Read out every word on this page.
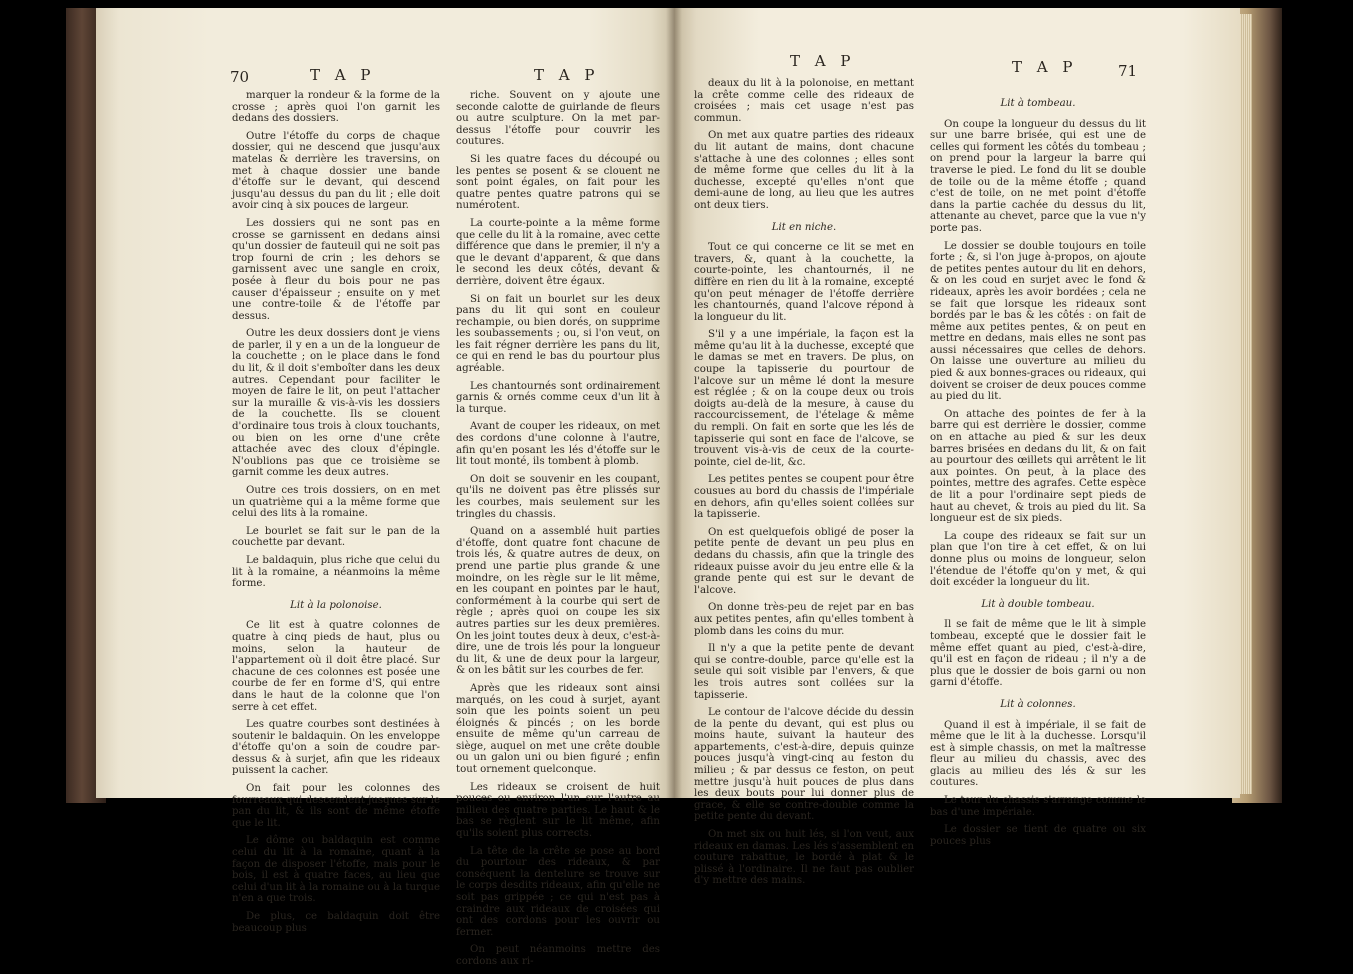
70	T A P	T A P

marquer la rondeur & la forme de la crosse ; après quoi l'on garnit les dedans des dossiers.

Outre l'étoffe du corps de chaque dossier, qui ne descend que jusqu'aux matelas & derrière les traversins, on met à chaque dossier une bande d'étoffe sur le devant, qui descend jusqu'au dessus du pan du lit ; elle doit avoir cinq à six pouces de largeur.

Les dossiers qui ne sont pas en crosse se garnissent en dedans ainsi qu'un dossier de fauteuil qui ne soit pas trop fourni de crin ; les dehors se garnissent avec une sangle en croix, posée à fleur du bois pour ne pas causer d'épaisseur ; ensuite on y met une contre-toile & de l'étoffe par dessus.

Outre les deux dossiers dont je viens de parler, il y en a un de la longueur de la couchette ; on le place dans le fond du lit, & il doit s'emboîter dans les deux autres. Cependant pour faciliter le moyen de faire le lit, on peut l'attacher sur la muraille & vis-à-vis les dossiers de la couchette. Ils se clouent d'ordinaire tous trois à cloux touchants, ou bien on les orne d'une crête attachée avec des cloux d'épingle. N'oublions pas que ce troisième se garnit comme les deux autres.

Outre ces trois dossiers, on en met un quatrième qui a la même forme que celui des lits à la romaine.

Le bourlet se fait sur le pan de la couchette par devant.

Le baldaquin, plus riche que celui du lit à la romaine, a néanmoins la même forme.

Lit à la polonoise.

Ce lit est à quatre colonnes de quatre à cinq pieds de haut, plus ou moins, selon la hauteur de l'appartement où il doit être placé. Sur chacune de ces colonnes est posée une courbe de fer en forme d'S, qui entre dans le haut de la colonne que l'on serre à cet effet.

Les quatre courbes sont destinées à soutenir le baldaquin. On les enveloppe d'étoffe qu'on a soin de coudre par-dessus & à surjet, afin que les rideaux puissent la cacher.

On fait pour les colonnes des fourreaux qui descendent jusques sur le pan du lit, & ils sont de même étoffe que le lit.

Le dôme ou baldaquin est comme celui du lit à la romaine, quant à la façon de disposer l'étoffe, mais pour le bois, il est à quatre faces, au lieu que celui d'un lit à la romaine ou à la turque n'en a que trois.

De plus, ce baldaquin doit être beaucoup plus

riche. Souvent on y ajoute une seconde calotte de guirlande de fleurs ou autre sculpture. On la met par-dessus l'étoffe pour couvrir les coutures.

Si les quatre faces du découpé ou les pentes se posent & se clouent ne sont point égales, on fait pour les quatre pentes quatre patrons qui se numérotent.

La courte-pointe a la même forme que celle du lit à la romaine, avec cette différence que dans le premier, il n'y a que le devant d'apparent, & que dans le second les deux côtés, devant & derrière, doivent être égaux.

Si on fait un bourlet sur les deux pans du lit qui sont en couleur rechampie, ou bien dorés, on supprime les soubassements ; ou, si l'on veut, on les fait régner derrière les pans du lit, ce qui en rend le bas du pourtour plus agréable.

Les chantournés sont ordinairement garnis & ornés comme ceux d'un lit à la turque.

Avant de couper les rideaux, on met des cordons d'une colonne à l'autre, afin qu'en posant les lés d'étoffe sur le lit tout monté, ils tombent à plomb.

On doit se souvenir en les coupant, qu'ils ne doivent pas être plissés sur les courbes, mais seulement sur les tringles du chassis.

Quand on a assemblé huit parties d'étoffe, dont quatre font chacune de trois lés, & quatre autres de deux, on prend une partie plus grande & une moindre, on les règle sur le lit même, en les coupant en pointes par le haut, conformément à la courbe qui sert de règle ; après quoi on coupe les six autres parties sur les deux premières. On les joint toutes deux à deux, c'est-à-dire, une de trois lés pour la longueur du lit, & une de deux pour la largeur, & on les bâtit sur les courbes de fer.

Après que les rideaux sont ainsi marqués, on les coud à surjet, ayant soin que les points soient un peu éloignés & pincés ; on les borde ensuite de même qu'un carreau de siège, auquel on met une crête double ou un galon uni ou bien figuré ; enfin tout ornement quelconque.

Les rideaux se croisent de huit pouces ou environ l'un sur l'autre au milieu des quatre parties. Le haut & le bas se règlent sur le lit même, afin qu'ils soient plus corrects.

La tête de la crête se pose au bord du pourtour des rideaux, & par conséquent la dentelure se trouve sur le corps desdits rideaux, afin qu'elle ne soit pas grippée ; ce qui n'est pas à craindre aux rideaux de croisées qui ont des cordons pour les ouvrir ou fermer.

On peut néanmoins mettre des cordons aux ri-

T A P	T A P	71

deaux du lit à la polonoise, en mettant la crête comme celle des rideaux de croisées ; mais cet usage n'est pas commun.

On met aux quatre parties des rideaux du lit autant de mains, dont chacune s'attache à une des colonnes ; elles sont de même forme que celles du lit à la duchesse, excepté qu'elles n'ont que demi-aune de long, au lieu que les autres ont deux tiers.

Lit en niche.

Tout ce qui concerne ce lit se met en travers, &, quant à la couchette, la courte-pointe, les chantournés, il ne diffère en rien du lit à la romaine, excepté qu'on peut ménager de l'étoffe derrière les chantournés, quand l'alcove répond à la longueur du lit.

S'il y a une impériale, la façon est la même qu'au lit à la duchesse, excepté que le damas se met en travers. De plus, on coupe la tapisserie du pourtour de l'alcove sur un même lé dont la mesure est réglée ; & on la coupe deux ou trois doigts au-delà de la mesure, à cause du raccourcissement, de l'ételage & même du rempli. On fait en sorte que les lés de tapisserie qui sont en face de l'alcove, se trouvent vis-à-vis de ceux de la courte-pointe, ciel de-lit, &c.

Les petites pentes se coupent pour être cousues au bord du chassis de l'impériale en dehors, afin qu'elles soient collées sur la tapisserie.

On est quelquefois obligé de poser la petite pente de devant un peu plus en dedans du chassis, afin que la tringle des rideaux puisse avoir du jeu entre elle & la grande pente qui est sur le devant de l'alcove.

On donne très-peu de rejet par en bas aux petites pentes, afin qu'elles tombent à plomb dans les coins du mur.

Il n'y a que la petite pente de devant qui se contre-double, parce qu'elle est la seule qui soit visible par l'envers, & que les trois autres sont collées sur la tapisserie.

Le contour de l'alcove décide du dessin de la pente du devant, qui est plus ou moins haute, suivant la hauteur des appartements, c'est-à-dire, depuis quinze pouces jusqu'à vingt-cinq au feston du milieu ; & par dessus ce feston, on peut mettre jusqu'à huit pouces de plus dans les deux bouts pour lui donner plus de grace, & elle se contre-double comme la petite pente du devant.

On met six ou huit lés, si l'on veut, aux rideaux en damas. Les lés s'assemblent en couture rabattue, le bordé à plat & le plissé à l'ordinaire. Il ne faut pas oublier d'y mettre des mains.

Lit à tombeau.

On coupe la longueur du dessus du lit sur une barre brisée, qui est une de celles qui forment les côtés du tombeau ; on prend pour la largeur la barre qui traverse le pied. Le fond du lit se double de toile ou de la même étoffe ; quand c'est de toile, on ne met point d'étoffe dans la partie cachée du dessus du lit, attenante au chevet, parce que la vue n'y porte pas.

Le dossier se double toujours en toile forte ; &, si l'on juge à-propos, on ajoute de petites pentes autour du lit en dehors, & on les coud en surjet avec le fond & rideaux, après les avoir bordées ; cela ne se fait que lorsque les rideaux sont bordés par le bas & les côtés : on fait de même aux petites pentes, & on peut en mettre en dedans, mais elles ne sont pas aussi nécessaires que celles de dehors. On laisse une ouverture au milieu du pied & aux bonnes-graces ou rideaux, qui doivent se croiser de deux pouces comme au pied du lit.

On attache des pointes de fer à la barre qui est derrière le dossier, comme on en attache au pied & sur les deux barres brisées en dedans du lit, & on fait au pourtour des œillets qui arrêtent le lit aux pointes. On peut, à la place des pointes, mettre des agrafes. Cette espèce de lit a pour l'ordinaire sept pieds de haut au chevet, & trois au pied du lit. Sa longueur est de six pieds.

La coupe des rideaux se fait sur un plan que l'on tire à cet effet, & on lui donne plus ou moins de longueur, selon l'étendue de l'étoffe qu'on y met, & qui doit excéder la longueur du lit.

Lit à double tombeau.

Il se fait de même que le lit à simple tombeau, excepté que le dossier fait le même effet quant au pied, c'est-à-dire, qu'il est en façon de rideau ; il n'y a de plus que le dossier de bois garni ou non garni d'étoffe.

Lit à colonnes.

Quand il est à impériale, il se fait de même que le lit à la duchesse. Lorsqu'il est à simple chassis, on met la maîtresse fleur au milieu du chassis, avec des glacis au milieu des lés & sur les coutures.

Le tour du chassis s'arrange comme le bas d'une impériale.

Le dossier se tient de quatre ou six pouces plus
